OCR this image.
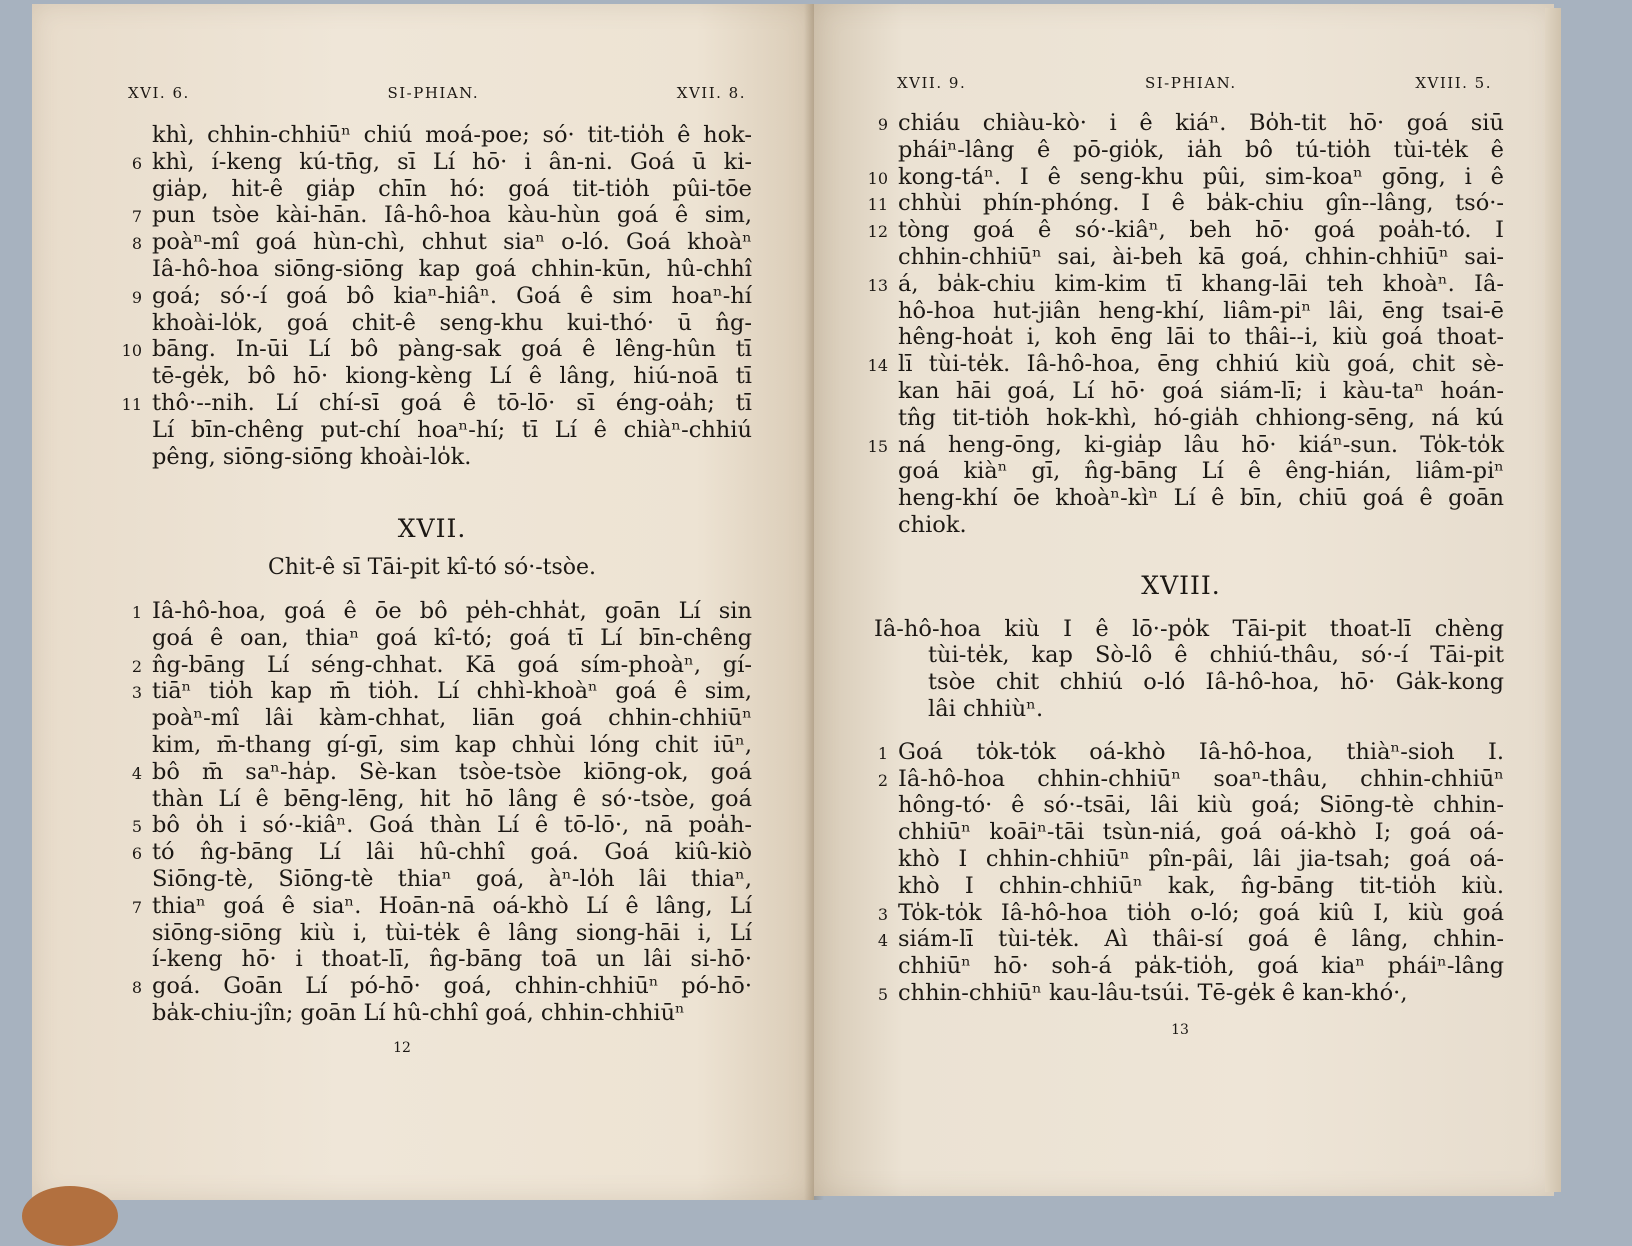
XVI. 6.	SI-PHIAN.	XVII. 8.
khì, chhin-chhiūⁿ chiú moá-poe; só· tit-tio̍h ê hok-
6 khì, í-keng kú-tn̄g, sī Lí hō· i ân-ni. Goá ū ki-
gia̍p, hit-ê gia̍p chīn hó: goá tit-tio̍h pûi-tōe
7 pun tsòe kài-hān. Iâ-hô-hoa kàu-hùn goá ê sim,
8 poàⁿ-mî goá hùn-chì, chhut siaⁿ o-ló. Goá khoàⁿ
Iâ-hô-hoa siōng-siōng kap goá chhin-kūn, hû-chhî
9 goá; só·-í goá bô kiaⁿ-hiâⁿ. Goá ê sim hoaⁿ-hí
khoài-lo̍k, goá chit-ê seng-khu kui-thó· ū n̂g-
10 bāng. In-ūi Lí bô pàng-sak goá ê lêng-hûn tī
tē-ge̍k, bô hō· kiong-kèng Lí ê lâng, hiú-noā tī
11 thô·--nih. Lí chí-sī goá ê tō-lō· sī éng-oa̍h; tī
Lí bīn-chêng put-chí hoaⁿ-hí; tī Lí ê chiàⁿ-chhiú
pêng, siōng-siōng khoài-lo̍k.
XVII.
Chit-ê sī Tāi-pit kî-tó só·-tsòe.
1 Iâ-hô-hoa, goá ê ōe bô pe̍h-chha̍t, goān Lí sin
goá ê oan, thiaⁿ goá kî-tó; goá tī Lí bīn-chêng
2 n̂g-bāng Lí séng-chhat. Kā goá sím-phoàⁿ, gí-
3 tiāⁿ tio̍h kap m̄ tio̍h. Lí chhì-khoàⁿ goá ê sim,
poàⁿ-mî lâi kàm-chhat, liān goá chhin-chhiūⁿ
kim, m̄-thang gí-gī, sim kap chhùi lóng chit iūⁿ,
4 bô m̄ saⁿ-ha̍p. Sè-kan tsòe-tsòe kiōng-ok, goá
thàn Lí ê bēng-lēng, hit hō lâng ê só·-tsòe, goá
5 bô o̍h i só·-kiâⁿ. Goá thàn Lí ê tō-lō·, nā poa̍h-
6 tó n̂g-bāng Lí lâi hû-chhî goá. Goá kiû-kiò
Siōng-tè, Siōng-tè thiaⁿ goá, àⁿ-lo̍h lâi thiaⁿ,
7 thiaⁿ goá ê siaⁿ. Hoān-nā oá-khò Lí ê lâng, Lí
siōng-siōng kiù i, tùi-te̍k ê lâng siong-hāi i, Lí
í-keng hō· i thoat-lī, n̂g-bāng toā un lâi si-hō·
8 goá. Goān Lí pó-hō· goá, chhin-chhiūⁿ pó-hō·
ba̍k-chiu-jîn; goān Lí hû-chhî goá, chhin-chhiūⁿ
12
XVII. 9.	SI-PHIAN.	XVIII. 5.
9 chiáu chiàu-kò· i ê kiáⁿ. Bo̍h-tit hō· goá siū
pháiⁿ-lâng ê pō-gio̍k, ia̍h bô tú-tio̍h tùi-te̍k ê
10 kong-táⁿ. I ê seng-khu pûi, sim-koaⁿ gōng, i ê
11 chhùi phín-phóng. I ê ba̍k-chiu gîn--lâng, tsó·-
12 tòng goá ê só·-kiâⁿ, beh hō· goá poa̍h-tó. I
chhin-chhiūⁿ sai, ài-beh kā goá, chhin-chhiūⁿ sai-
13 á, ba̍k-chiu kim-kim tī khang-lāi teh khoàⁿ. Iâ-
hô-hoa hut-jiân heng-khí, liâm-piⁿ lâi, ēng tsai-ē
hêng-hoa̍t i, koh ēng lāi to thâi--i, kiù goá thoat-
14 lī tùi-te̍k. Iâ-hô-hoa, ēng chhiú kiù goá, chit sè-
kan hāi goá, Lí hō· goá siám-lī; i kàu-taⁿ hoán-
tn̂g tit-tio̍h hok-khì, hó-gia̍h chhiong-sēng, ná kú
15 ná heng-ōng, ki-gia̍p lâu hō· kiáⁿ-sun. To̍k-to̍k
goá kiàⁿ gī, n̂g-bāng Lí ê êng-hián, liâm-piⁿ
heng-khí ōe khoàⁿ-kìⁿ Lí ê bīn, chiū goá ê goān
chiok.
XVIII.
Iâ-hô-hoa kiù I ê lō·-po̍k Tāi-pit thoat-lī chèng
tùi-te̍k, kap Sò-lô ê chhiú-thâu, só·-í Tāi-pit
tsòe chit chhiú o-ló Iâ-hô-hoa, hō· Ga̍k-kong
lâi chhiùⁿ.
1 Goá to̍k-to̍k oá-khò Iâ-hô-hoa, thiàⁿ-sioh I.
2 Iâ-hô-hoa chhin-chhiūⁿ soaⁿ-thâu, chhin-chhiūⁿ
hông-tó· ê só·-tsāi, lâi kiù goá; Siōng-tè chhin-
chhiūⁿ koāiⁿ-tāi tsùn-niá, goá oá-khò I; goá oá-
khò I chhin-chhiūⁿ pîn-pâi, lâi jia-tsah; goá oá-
khò I chhin-chhiūⁿ kak, n̂g-bāng tit-tio̍h kiù.
3 To̍k-to̍k Iâ-hô-hoa tio̍h o-ló; goá kiû I, kiù goá
4 siám-lī tùi-te̍k. Aì thâi-sí goá ê lâng, chhin-
chhiūⁿ hō· soh-á pa̍k-tio̍h, goá kiaⁿ pháiⁿ-lâng
5 chhin-chhiūⁿ kau-lâu-tsúi. Tē-ge̍k ê kan-khó·,
13
